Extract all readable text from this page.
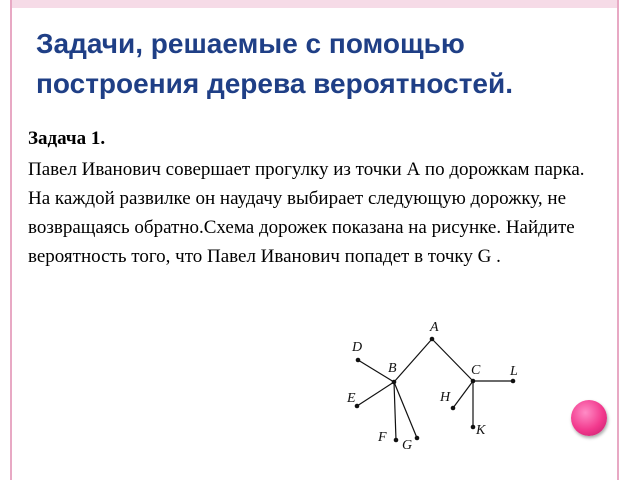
Задачи, решаемые с помощью построения дерева вероятностей.
Задача 1.
Павел Иванович совершает прогулку из точки А по дорожкам парка. На каждой развилке он наудачу выбирает следующую дорожку, не возвращаясь обратно.Схема дорожек показана на рисунке. Найдите вероятность того, что Павел Иванович попадет в точку G .
A
B	C
D
E
F
G
H
K
L
